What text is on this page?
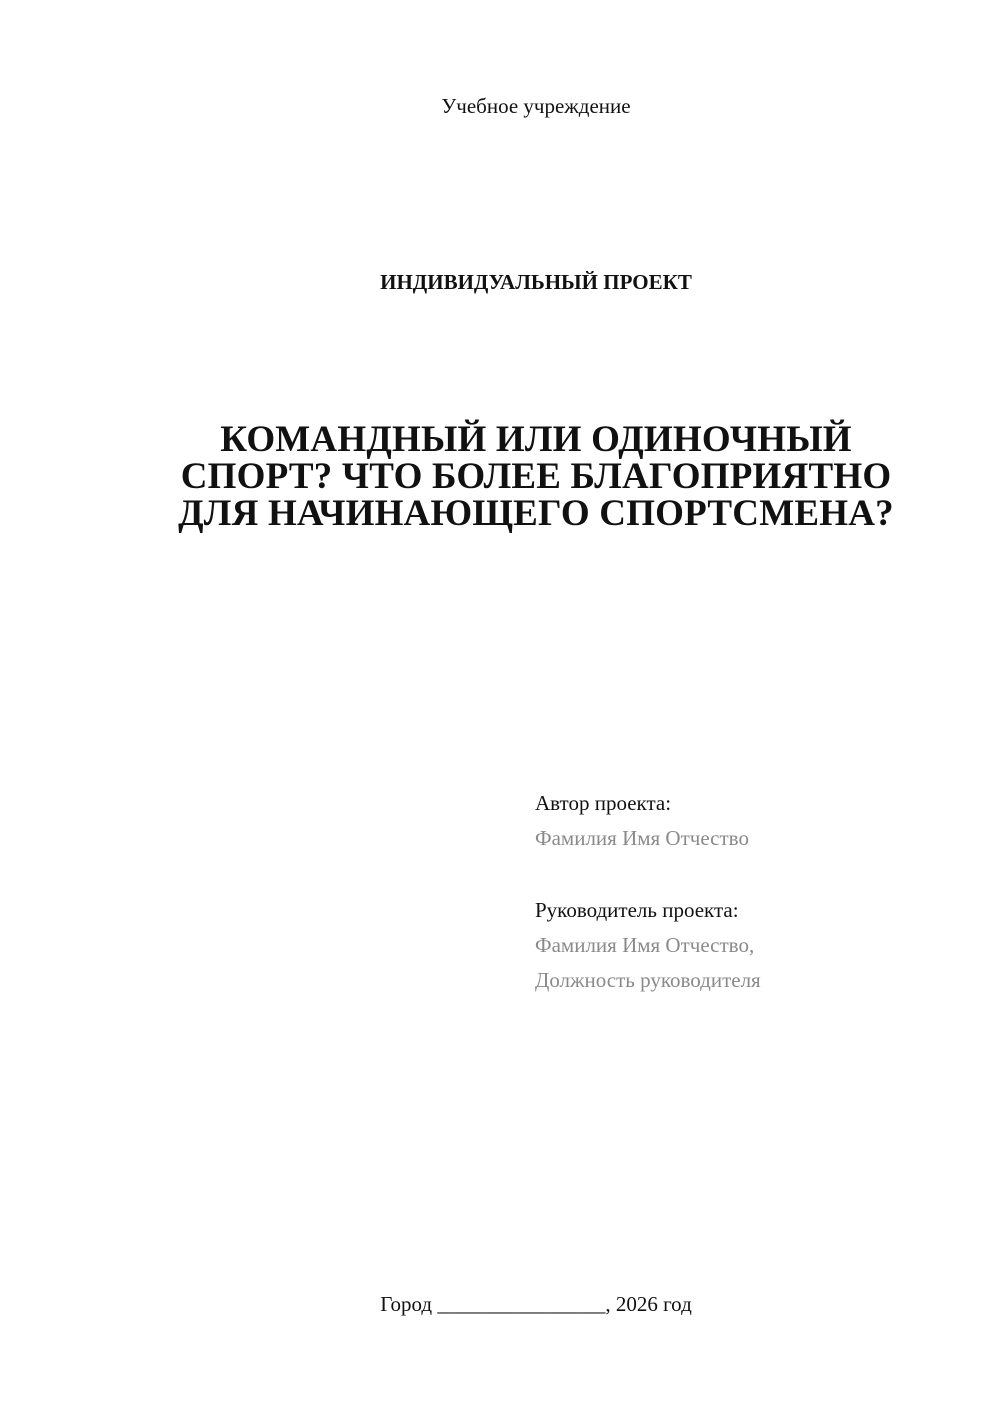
Учебное учреждение
ИНДИВИДУАЛЬНЫЙ ПРОЕКТ
КОМАНДНЫЙ ИЛИ ОДИНОЧНЫЙ
СПОРТ? ЧТО БОЛЕЕ БЛАГОПРИЯТНО
ДЛЯ НАЧИНАЮЩЕГО СПОРТСМЕНА?
Автор проекта:
Фамилия Имя Отчество
Руководитель проекта:
Фамилия Имя Отчество,
Должность руководителя
Город ________________, 2026 год
